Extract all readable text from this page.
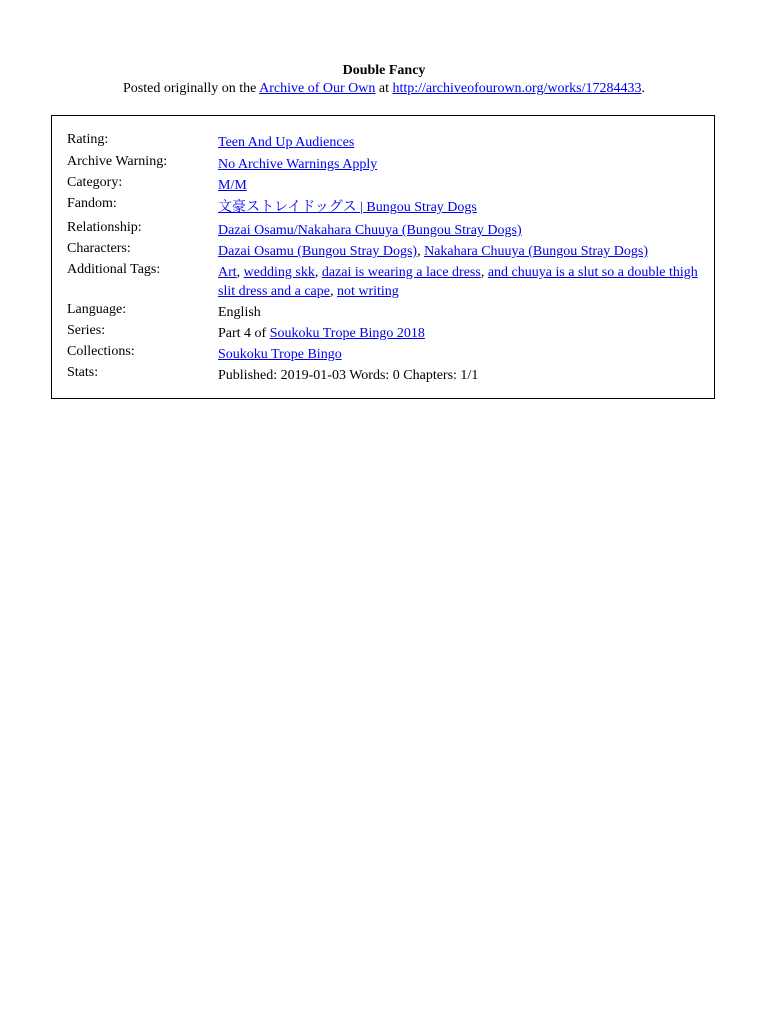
Double Fancy

Posted originally on the Archive of Our Own at http://archiveofourown.org/works/17284433.

Rating:	Teen And Up Audiences
Archive Warning:	No Archive Warnings Apply
Category:	M/M
Fandom:	文豪ストレイドッグス | Bungou Stray Dogs
Relationship:	Dazai Osamu/Nakahara Chuuya (Bungou Stray Dogs)
Characters:	Dazai Osamu (Bungou Stray Dogs), Nakahara Chuuya (Bungou Stray Dogs)
Additional Tags:	Art, wedding skk, dazai is wearing a lace dress, and chuuya is a slut so a double thigh slit dress and a cape, not writing
Language:	English
Series:	Part 4 of Soukoku Trope Bingo 2018
Collections:	Soukoku Trope Bingo
Stats:	Published: 2019-01-03 Words: 0 Chapters: 1/1
